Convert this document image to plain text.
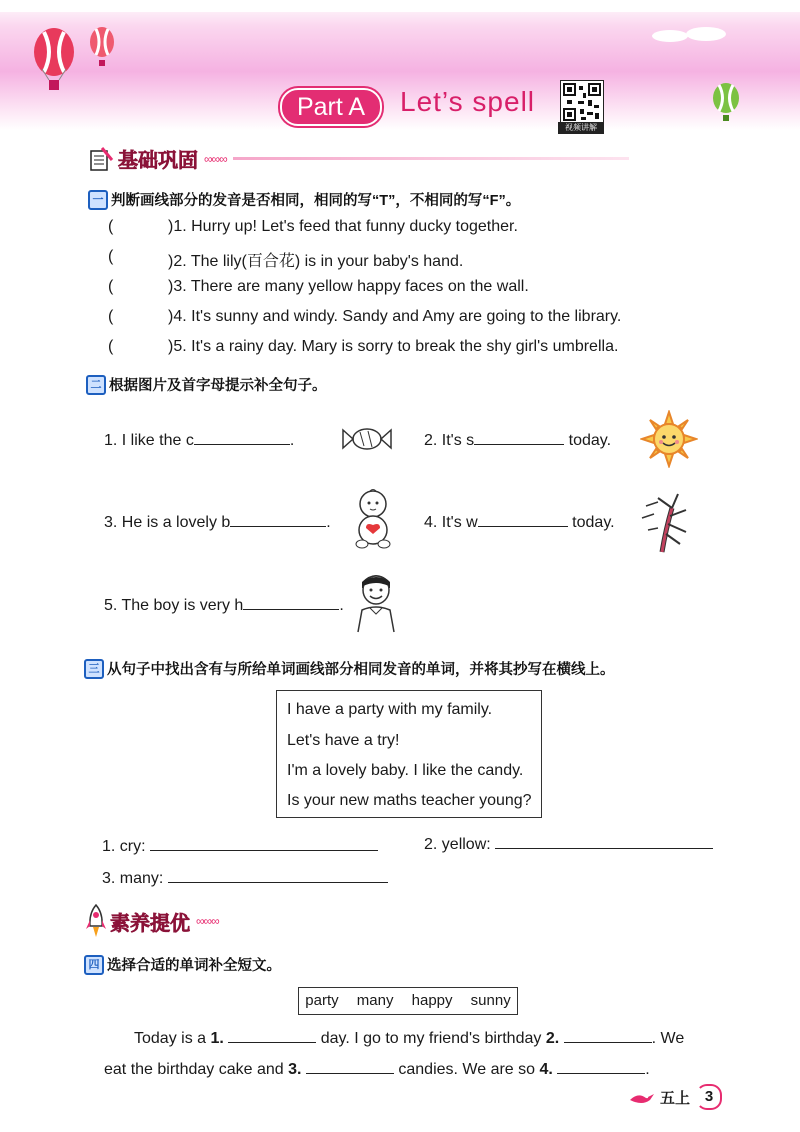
Part A	Let’s spell
视频讲解
基础巩固 ∞∞∞
一 判断画线部分的发音是否相同，相同的写“T”，不相同的写“F”。
(	)1. Hurry up! Let's feed that funny ducky together.
(	)2. The lily(百合花) is in your baby's hand.
(	)3. There are many yellow happy faces on the wall.
(	)4. It's sunny and windy. Sandy and Amy are going to the library.
(	)5. It's a rainy day. Mary is sorry to break the shy girl's umbrella.
二 根据图片及首字母提示补全句子。
1. I like the c	.	2. It's s	today.
3. He is a lovely b	.	4. It's w	today.
5. The boy is very h	.
三 从句子中找出含有与所给单词画线部分相同发音的单词，并将其抄写在横线上。
I have a party with my family.
Let's have a try!
I'm a lovely baby. I like the candy.
Is your new maths teacher young?
1. cry:	2. yellow:
3. many:
素养提优 ∞∞∞
四 选择合适的单词补全短文。
party many happy sunny
Today is a 1.	day. I go to my friend's birthday 2.	. We
eat the birthday cake and 3.	candies. We are so 4.	.
五上 3
